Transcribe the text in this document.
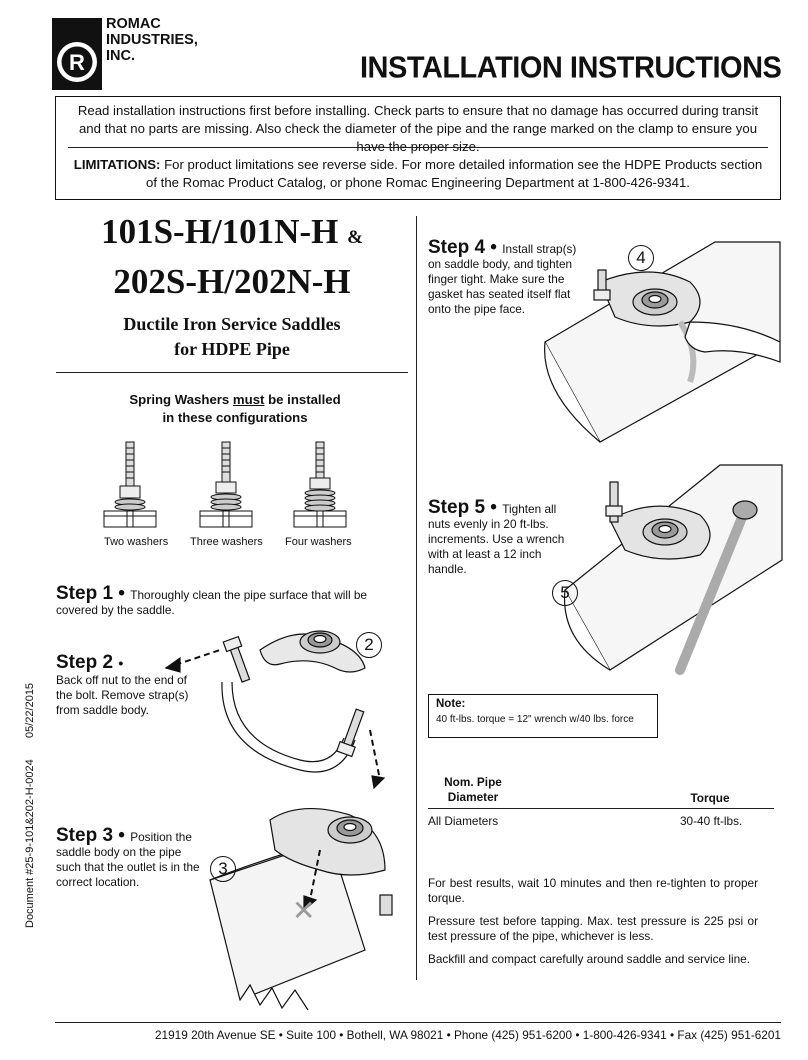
R
ROMAC
INDUSTRIES,
INC.	INSTALLATION INSTRUCTIONS
Read installation instructions first before installing. Check parts to ensure that no damage has occurred during transit and that no parts are missing. Also check the diameter of the pipe and the range marked on the clamp to ensure you have the proper size.
LIMITATIONS: For product limitations see reverse side. For more detailed information see the HDPE Products section of the Romac Product Catalog, or phone Romac Engineering Department at 1-800-426-9341.
101S-H/101N-H &
202S-H/202N-H
Ductile Iron Service Saddles
for HDPE Pipe
Spring Washers must be installed
in these configurations
Two washers Three washers Four washers
Step 1 • Thoroughly clean the pipe surface that will be covered by the saddle.
Step 2 •
Back off nut to the end of the bolt. Remove strap(s) from saddle body.
2
Step 3 • Position the saddle body on the pipe such that the outlet is in the correct location.
✕
3
Step 4 • Install strap(s) on saddle body, and tighten finger tight. Make sure the gasket has seated itself flat onto the pipe face.
4
Step 5 • Tighten all nuts evenly in 20 ft-lbs. increments. Use a wrench with at least a 12 inch handle.
5
Document #25-9-101&202-H-0024
05/22/2015	Note:
40 ft-lbs. torque = 12" wrench w/40 lbs. force
Nom. Pipe
Diameter	Torque
All Diameters	30-40 ft-lbs.
For best results, wait 10 minutes and then re-tighten to proper torque.
Pressure test before tapping. Max. test pressure is 225 psi or test pressure of the pipe, whichever is less.
Backfill and compact carefully around saddle and service line.
21919 20th Avenue SE • Suite 100 • Bothell, WA 98021 • Phone (425) 951-6200 • 1-800-426-9341 • Fax (425) 951-6201
